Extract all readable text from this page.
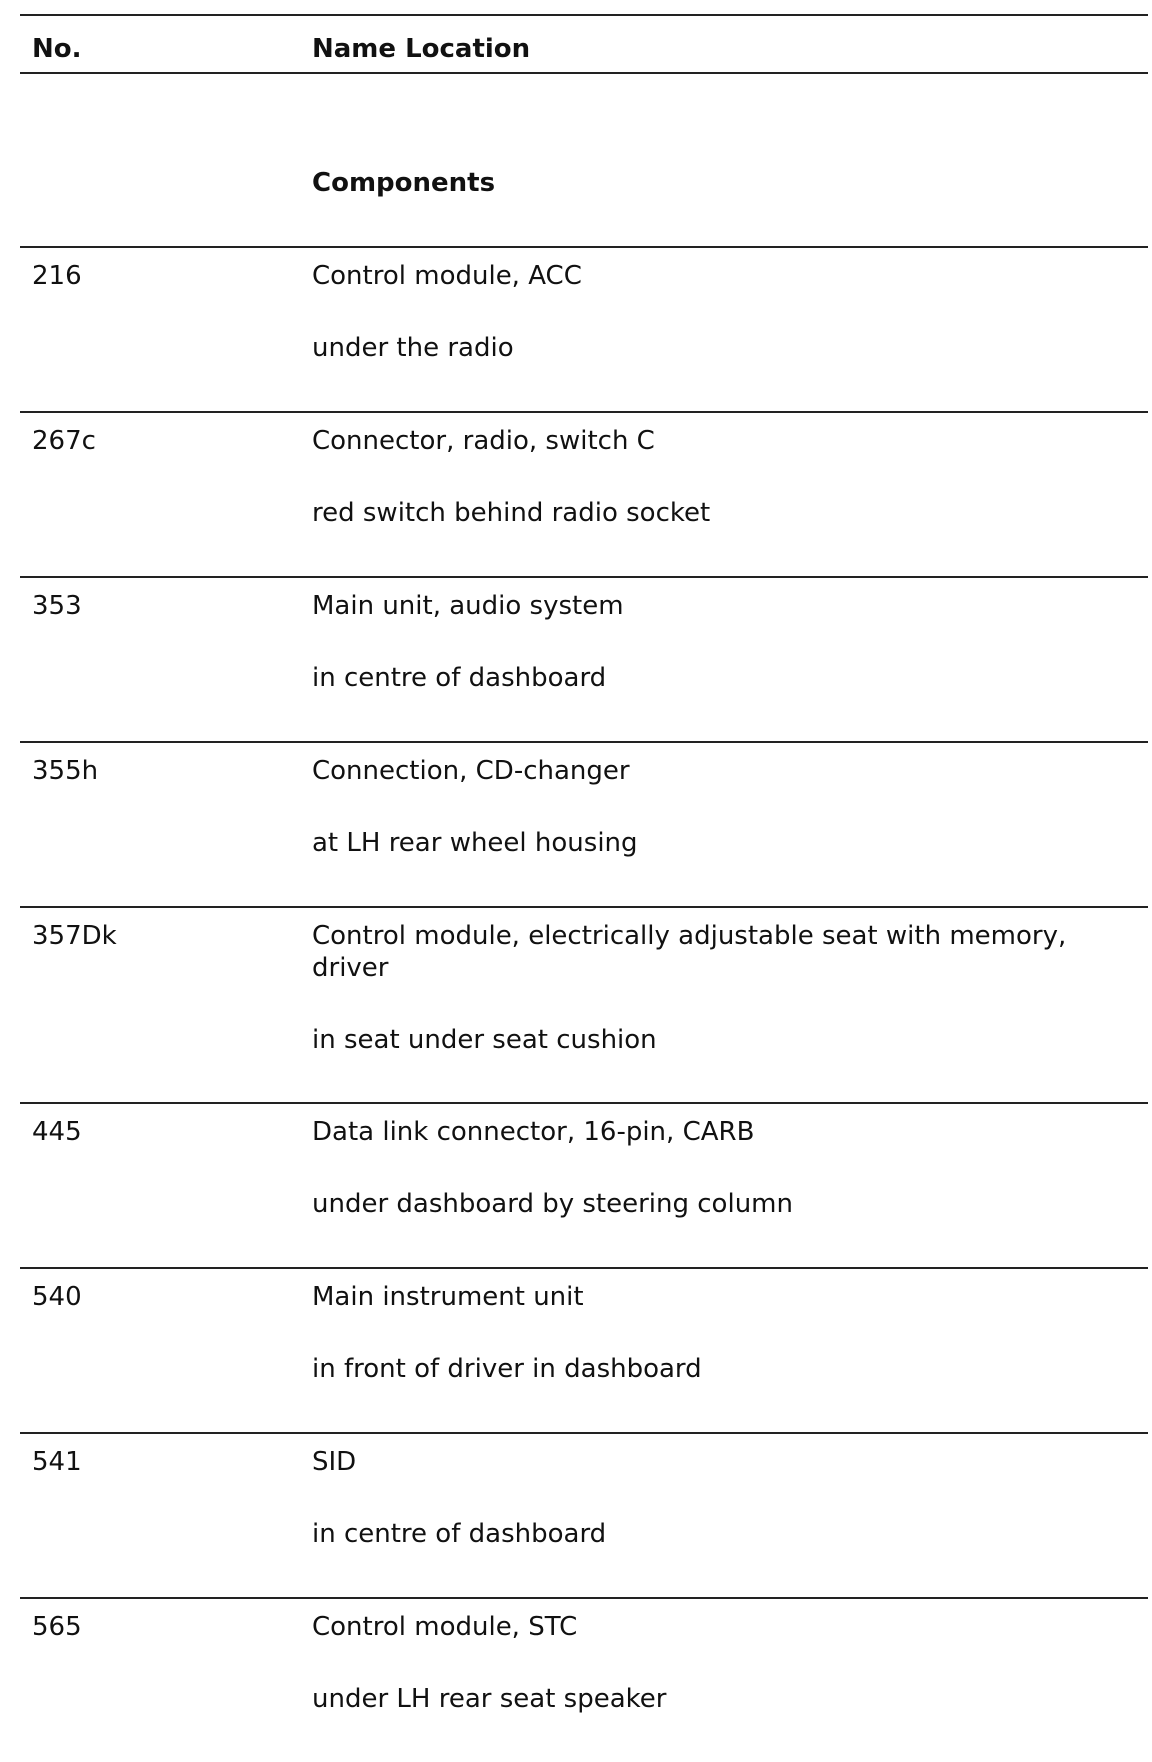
No.	Name Location
Components
216	Control module, ACC
under the radio
267c	Connector, radio, switch C
red switch behind radio socket
353	Main unit, audio system
in centre of dashboard
355h	Connection, CD-changer
at LH rear wheel housing
357Dk	Control module, electrically adjustable seat with memory, driver
in seat under seat cushion
445	Data link connector, 16-pin, CARB
under dashboard by steering column
540	Main instrument unit
in front of driver in dashboard
541	SID
in centre of dashboard
565	Control module, STC
under LH rear seat speaker
